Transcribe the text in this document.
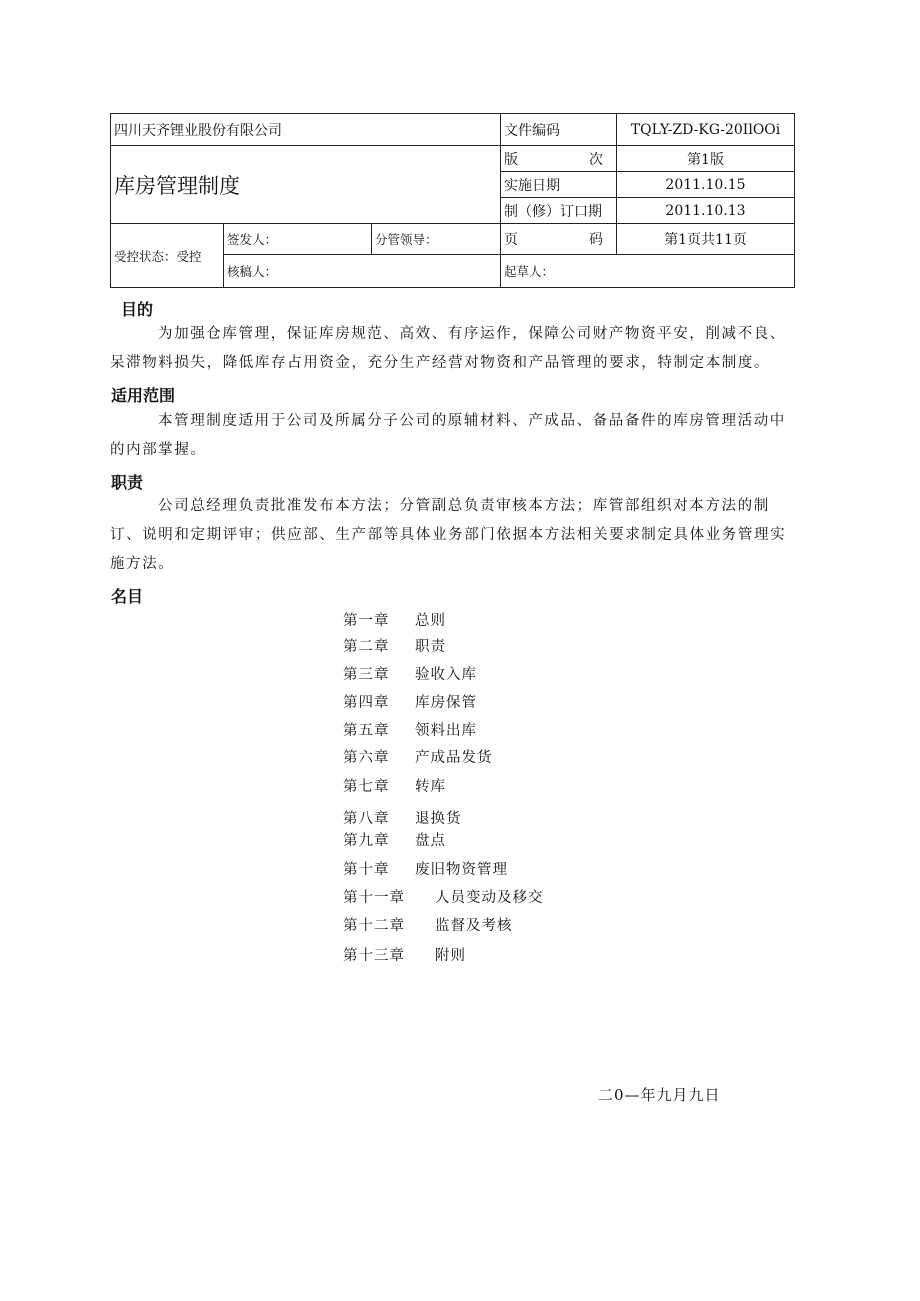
四川天齐锂业股份有限公司			文件编码	TQLY-ZD-KG-20IlOOi
库房管理制度			版 次	第1版
			实施日期	2011.10.15
			制（修）订口期	2011.10.13
受控状态：受控	签发人：	分管领导：	页 码	第1页共11页
	核稿人：		起草人：	
目的
为加强仓库管理，保证库房规范、高效、有序运作，保障公司财产物资平安，削减不良、呆滞物料损失，降低库存占用资金，充分生产经营对物资和产品管理的要求，特制定本制度。
适用范围
本管理制度适用于公司及所属分子公司的原辅材料、产成品、备品备件的库房管理活动中的内部掌握。
职责
公司总经理负责批准发布本方法；分管副总负责审核本方法；库管部组织对本方法的制订、说明和定期评审；供应部、生产部等具体业务部门依据本方法相关要求制定具体业务管理实施方法。
名目
第一章 总则
第二章 职责
第三章 验收入库
第四章 库房保管
第五章 领料出库
第六章 产成品发货
第七章 转库
第八章 退换货
第九章 盘点
第十章 废旧物资管理
第十一章 人员变动及移交
第十二章 监督及考核
第十三章 附则
二0—年九月九日
